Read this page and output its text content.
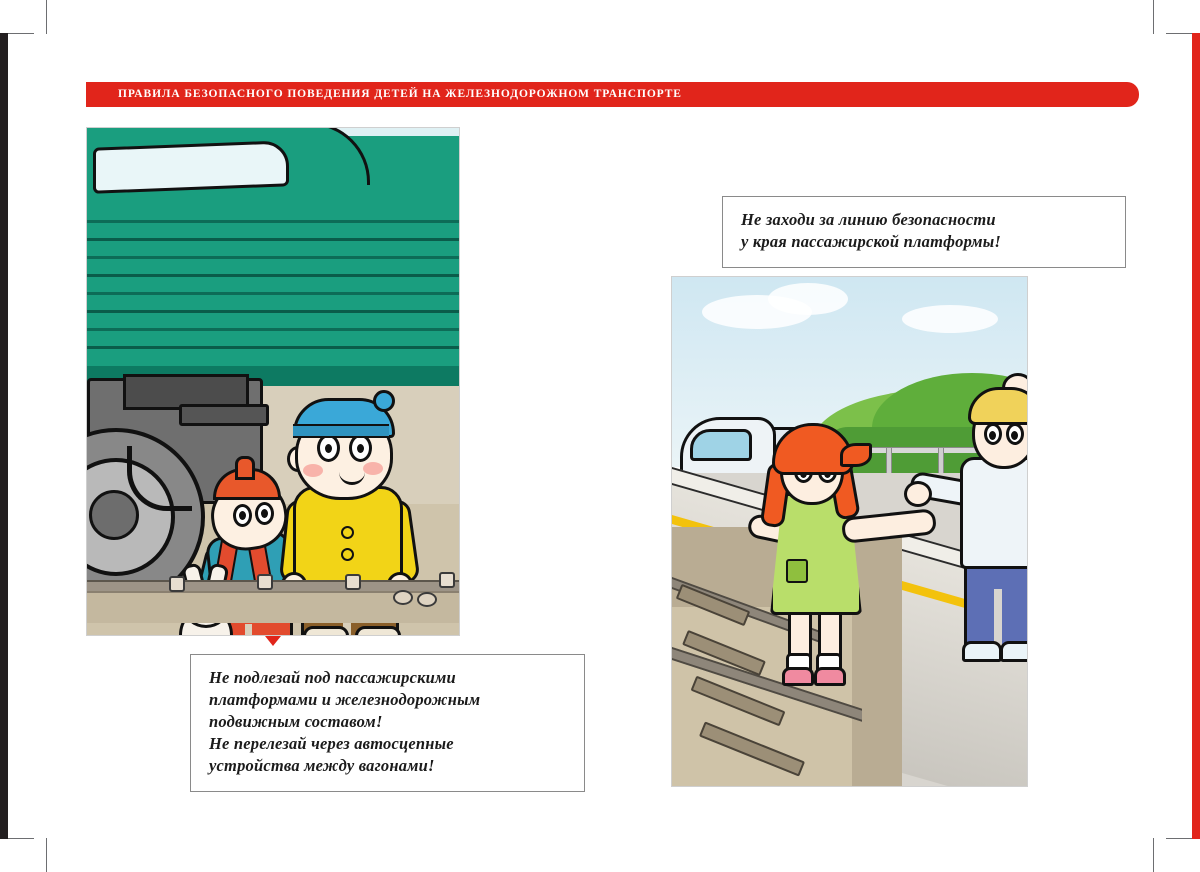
ПРАВИЛА БЕЗОПАСНОГО ПОВЕДЕНИЯ ДЕТЕЙ НА ЖЕЛЕЗНОДОРОЖНОМ ТРАНСПОРТЕ

Не подлезай под пассажирскими

платформами и железнодорожным

подвижным составом!

Не перелезай через автосцепные

устройства между вагонами!

Не заходи за линию безопасности

у края пассажирской платформы!
